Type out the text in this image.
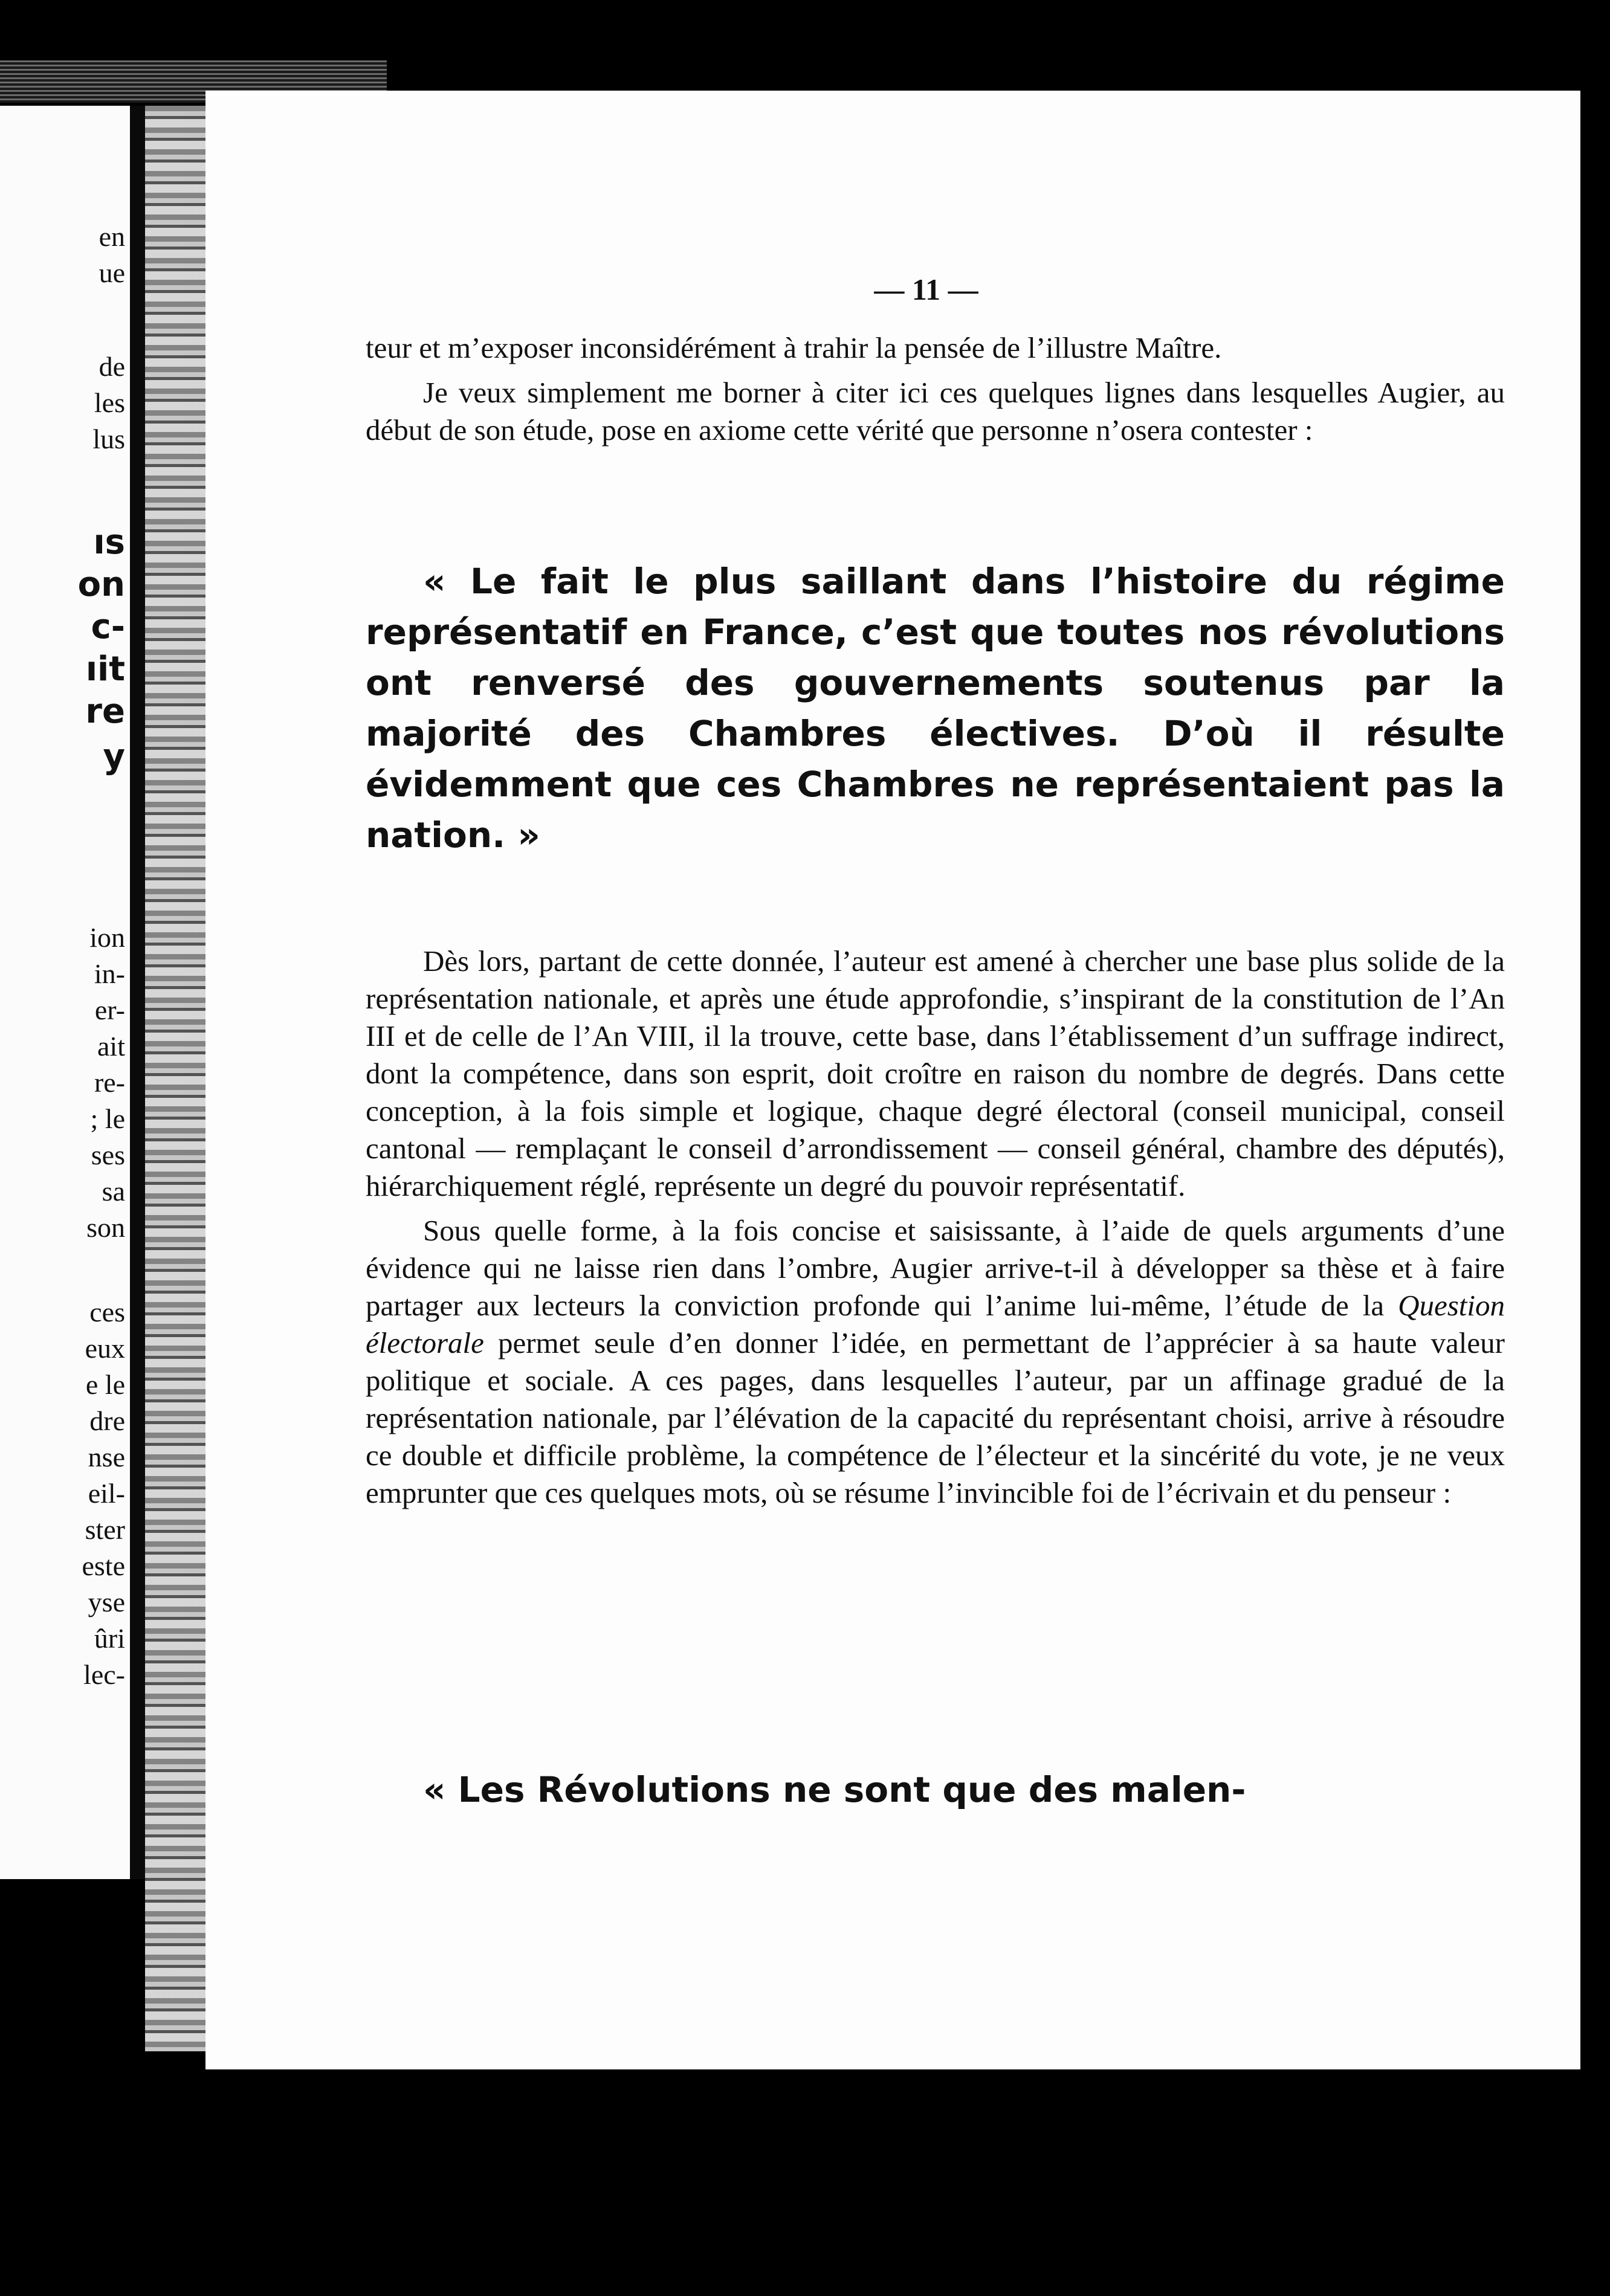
en
ue
de
les
lus
ıs
on
c-
ıit
re
y
ion
in-
er-
ait
re-
; le
ses
sa
son
ces
eux
e le
dre
nse
eil-
ster
este
yse
ûri
lec-
— 11 —

teur et m’exposer inconsidérément à trahir la pensée de l’illustre Maître.

Je veux simplement me borner à citer ici ces quelques lignes dans lesquelles Augier, au début de son étude, pose en axiome cette vérité que personne n’osera contester :

« Le fait le plus saillant dans l’histoire du régime représentatif en France, c’est que toutes nos révolutions ont renversé des gouvernements soutenus par la majorité des Chambres électives. D’où il résulte évidemment que ces Chambres ne représentaient pas la nation. »

Dès lors, partant de cette donnée, l’auteur est amené à chercher une base plus solide de la représentation nationale, et après une étude approfondie, s’inspirant de la constitution de l’An III et de celle de l’An VIII, il la trouve, cette base, dans l’établissement d’un suffrage indirect, dont la compétence, dans son esprit, doit croître en raison du nombre de degrés. Dans cette conception, à la fois simple et logique, chaque degré électoral (conseil municipal, conseil cantonal — remplaçant le conseil d’arrondissement — conseil général, chambre des députés), hiérarchiquement réglé, représente un degré du pouvoir représentatif.

Sous quelle forme, à la fois concise et saisissante, à l’aide de quels arguments d’une évidence qui ne laisse rien dans l’ombre, Augier arrive-t-il à développer sa thèse et à faire partager aux lecteurs la conviction profonde qui l’anime lui-même, l’étude de la Question électorale permet seule d’en donner l’idée, en permettant de l’apprécier à sa haute valeur politique et sociale. A ces pages, dans lesquelles l’auteur, par un affinage gradué de la représentation nationale, par l’élévation de la capacité du représentant choisi, arrive à résoudre ce double et difficile problème, la compétence de l’électeur et la sincérité du vote, je ne veux emprunter que ces quelques mots, où se résume l’invincible foi de l’écrivain et du penseur :

« Les Révolutions ne sont que des malen-
